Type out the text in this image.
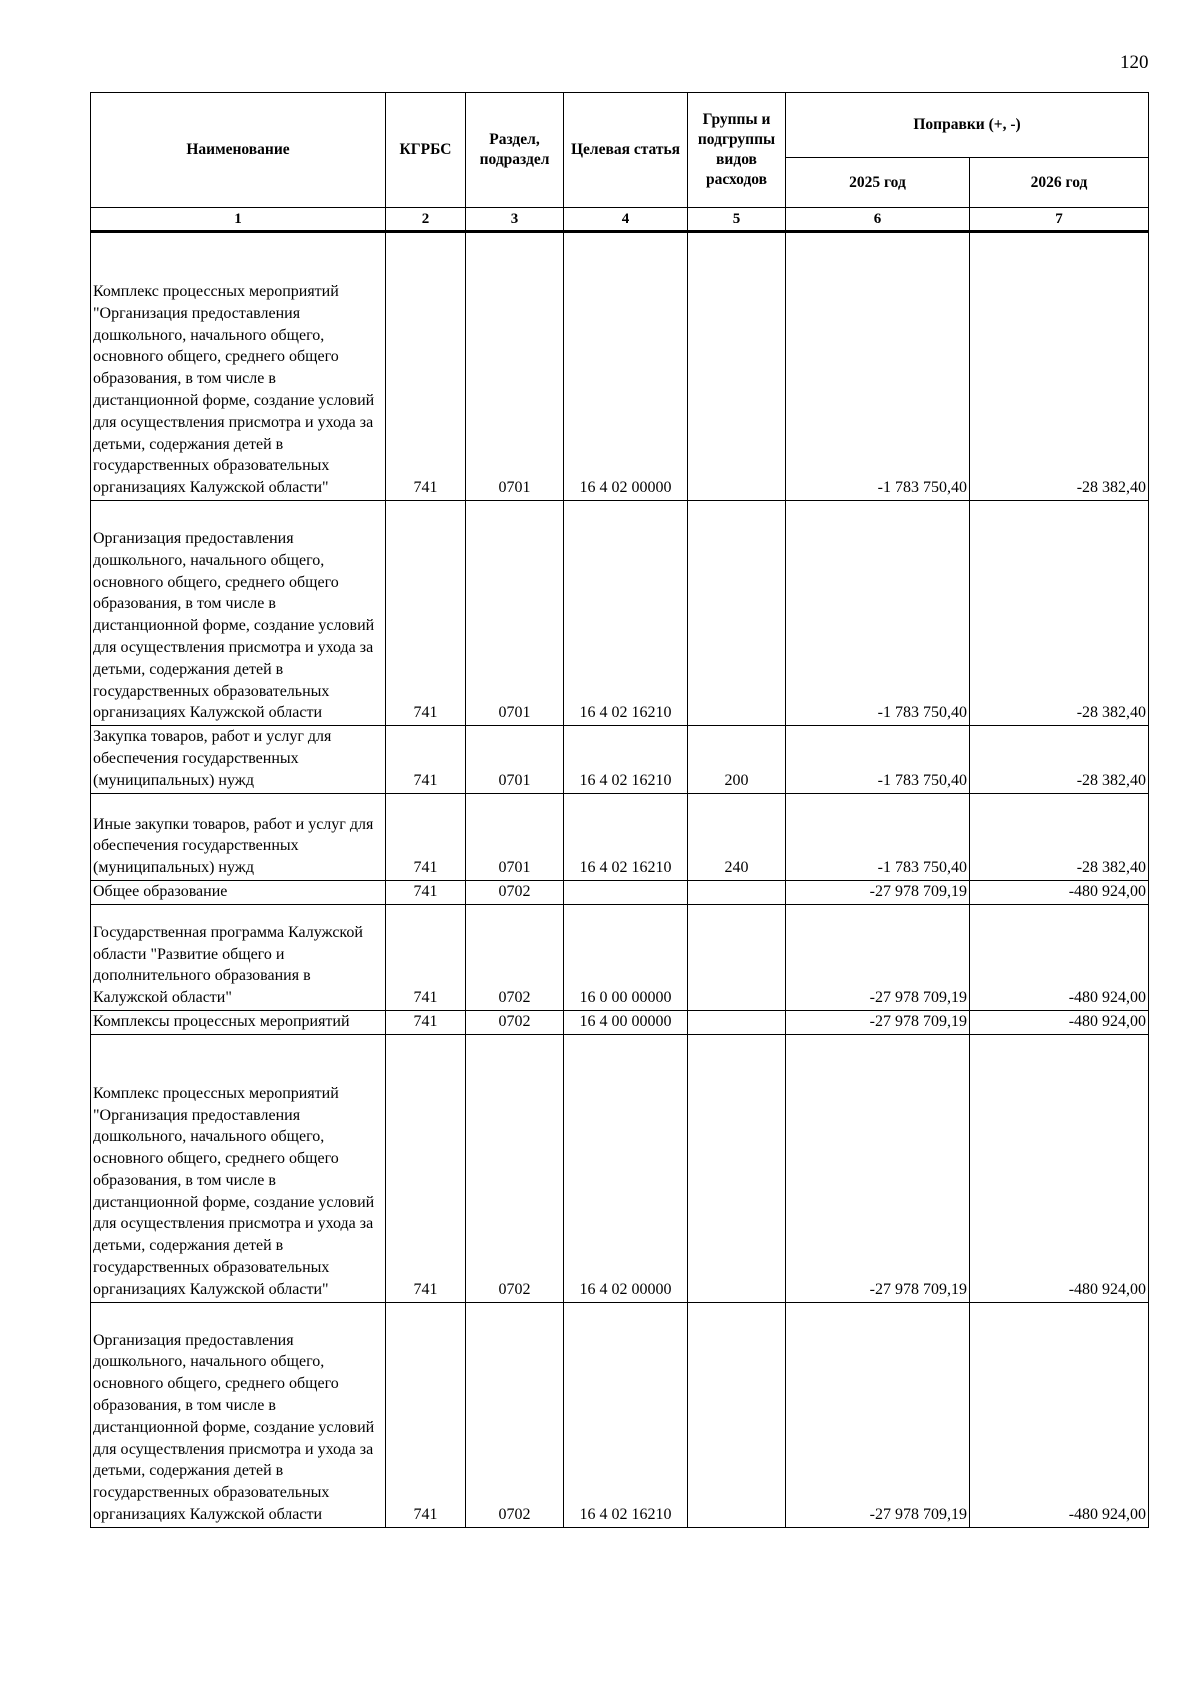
120
Наименование	КГРБС	Раздел, подраздел	Целевая статья	Группы и подгруппы видов расходов	Поправки (+, -)	
					2025 год	2026 год
1	2	3	4	5	6	7
Комплекс процессных мероприятий "Организация предоставления дошкольного, начального общего, основного общего, среднего общего образования, в том числе в дистанционной форме, создание условий для осуществления присмотра и ухода за детьми, содержания детей в государственных образовательных организациях Калужской области"	741	0701	16 4 02 00000		-1 783 750,40	-28 382,40
Организация предоставления дошкольного, начального общего, основного общего, среднего общего образования, в том числе в дистанционной форме, создание условий для осуществления присмотра и ухода за детьми, содержания детей в государственных образовательных организациях Калужской области	741	0701	16 4 02 16210		-1 783 750,40	-28 382,40
Закупка товаров, работ и услуг для обеспечения государственных (муниципальных) нужд	741	0701	16 4 02 16210	200	-1 783 750,40	-28 382,40
Иные закупки товаров, работ и услуг для обеспечения государственных (муниципальных) нужд	741	0701	16 4 02 16210	240	-1 783 750,40	-28 382,40
Общее образование	741	0702			-27 978 709,19	-480 924,00
Государственная программа Калужской области "Развитие общего и дополнительного образования в Калужской области"	741	0702	16 0 00 00000		-27 978 709,19	-480 924,00
Комплексы процессных мероприятий	741	0702	16 4 00 00000		-27 978 709,19	-480 924,00
Комплекс процессных мероприятий "Организация предоставления дошкольного, начального общего, основного общего, среднего общего образования, в том числе в дистанционной форме, создание условий для осуществления присмотра и ухода за детьми, содержания детей в государственных образовательных организациях Калужской области"	741	0702	16 4 02 00000		-27 978 709,19	-480 924,00
Организация предоставления дошкольного, начального общего, основного общего, среднего общего образования, в том числе в дистанционной форме, создание условий для осуществления присмотра и ухода за детьми, содержания детей в государственных образовательных организациях Калужской области	741	0702	16 4 02 16210		-27 978 709,19	-480 924,00
